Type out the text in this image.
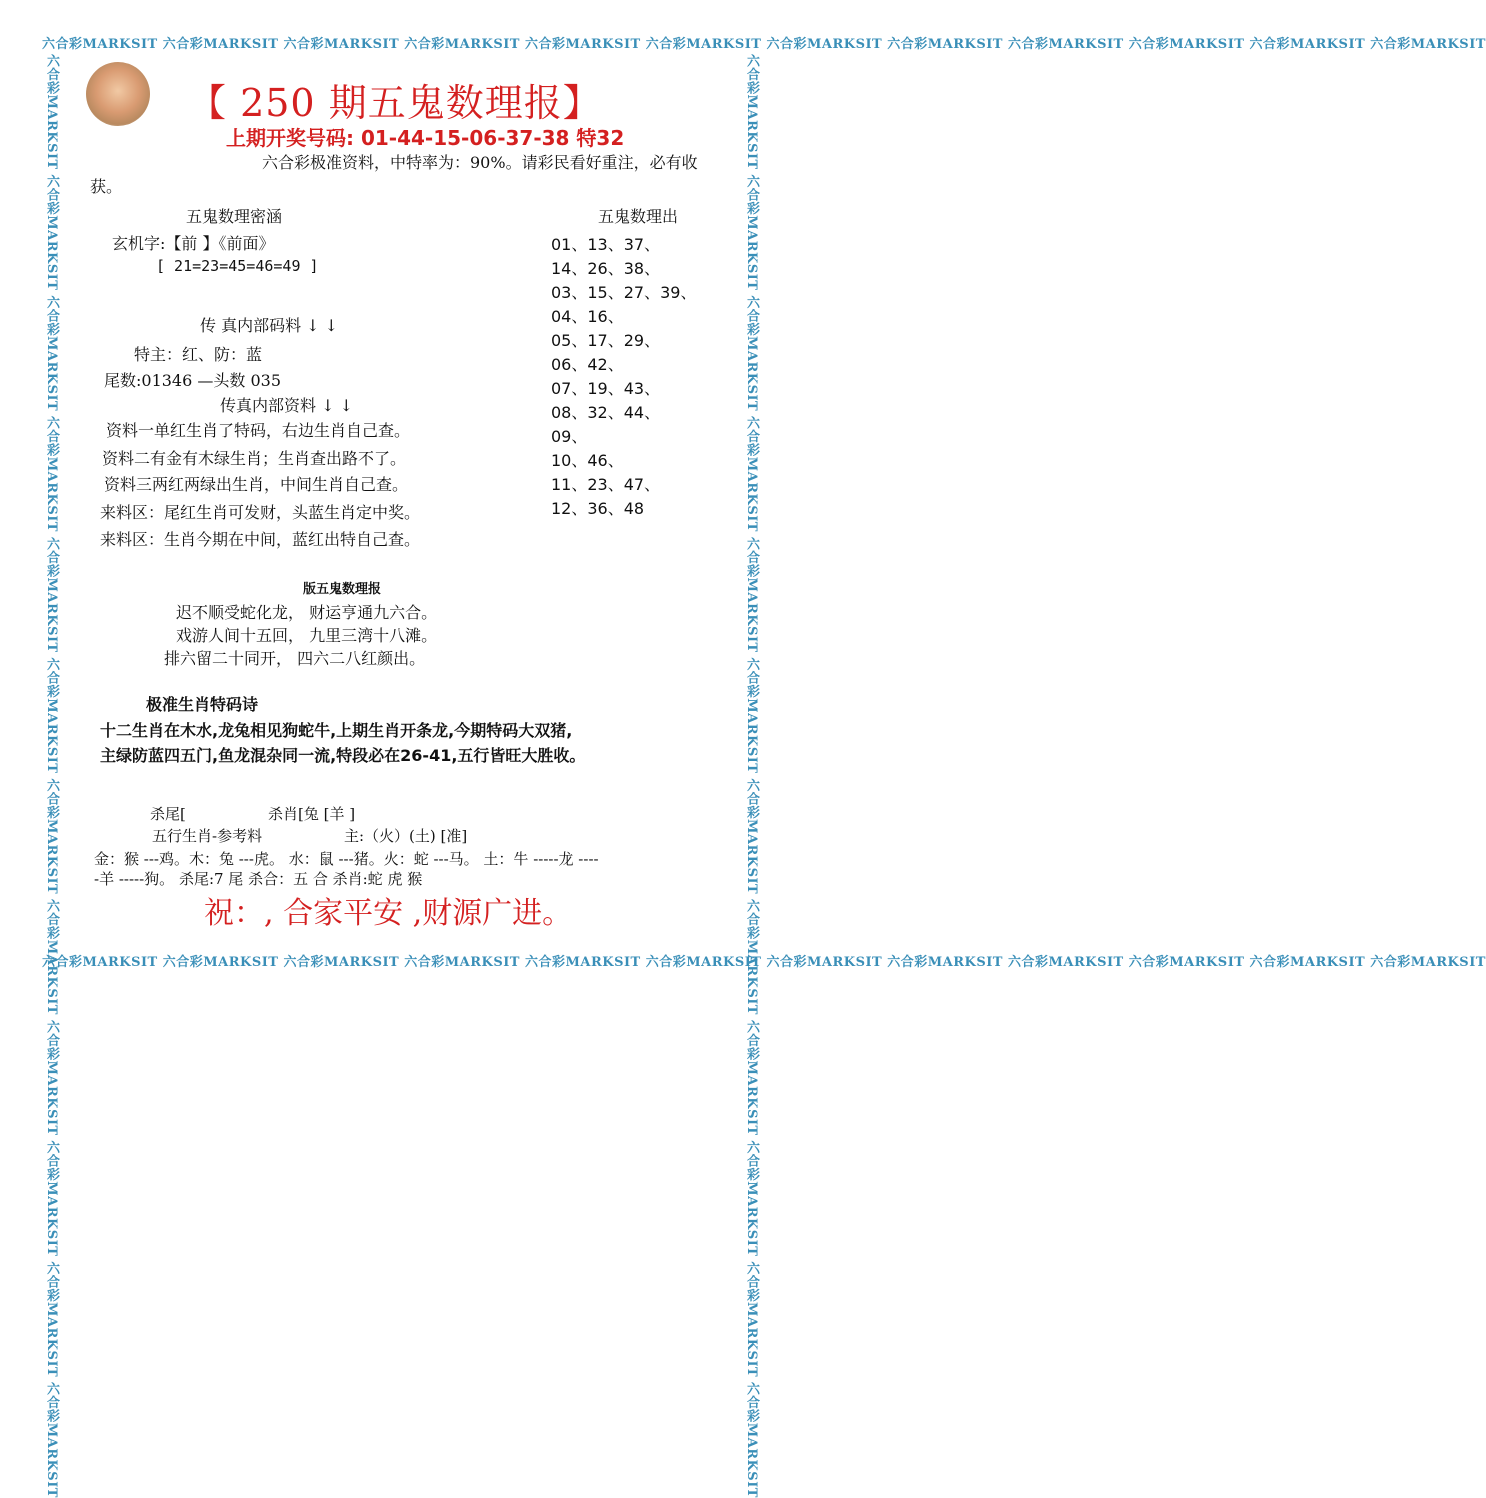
六合彩MARKSIT 六合彩MARKSIT 六合彩MARKSIT 六合彩MARKSIT 六合彩MARKSIT 六合彩MARKSIT 六合彩MARKSIT 六合彩MARKSIT 六合彩MARKSIT 六合彩MARKSIT 六合彩MARKSIT 六合彩MARKSIT
六合彩MARKSIT 六合彩MARKSIT 六合彩MARKSIT 六合彩MARKSIT 六合彩MARKSIT 六合彩MARKSIT 六合彩MARKSIT 六合彩MARKSIT 六合彩MARKSIT 六合彩MARKSIT 六合彩MARKSIT 六合彩MARKSIT
六合彩MARKSIT 六合彩MARKSIT 六合彩MARKSIT 六合彩MARKSIT 六合彩MARKSIT 六合彩MARKSIT 六合彩MARKSIT 六合彩MARKSIT 六合彩MARKSIT 六合彩MARKSIT 六合彩MARKSIT 六合彩MARKSIT	六合彩MARKSIT 六合彩MARKSIT 六合彩MARKSIT 六合彩MARKSIT 六合彩MARKSIT 六合彩MARKSIT 六合彩MARKSIT 六合彩MARKSIT 六合彩MARKSIT 六合彩MARKSIT 六合彩MARKSIT 六合彩MARKSIT
【 250 期五鬼数理报】
上期开奖号码: 01-44-15-06-37-38 特32
六合彩极准资料，中特率为：90%。请彩民看好重注，必有收
获。
五鬼数理密涵
玄机字:【前 】《前面》
[ 21=23=45=46=49 ]
传 真内部码料 ↓ ↓
特主：红、防：蓝
尾数:01346 —头数 035
传真内部资料 ↓ ↓
资料一单红生肖了特码，右边生肖自己查。
资料二有金有木绿生肖；生肖查出路不了。
资料三两红两绿出生肖，中间生肖自己查。
来料区：尾红生肖可发财，头蓝生肖定中奖。
来料区：生肖今期在中间，蓝红出特自己查。
五鬼数理出
01、13、37、
14、26、38、
03、15、27、39、
04、16、
05、17、29、
06、42、
07、19、43、
08、32、44、
09、
10、46、
11、23、47、
12、36、48
版五鬼数理报
迟不顺受蛇化龙， 财运亨通九六合。
戏游人间十五回， 九里三湾十八滩。
排六留二十同开， 四六二八红颜出。
极准生肖特码诗
十二生肖在木水,龙兔相见狗蛇牛,上期生肖开条龙,今期特码大双猪,
主绿防蓝四五门,鱼龙混杂同一流,特段必在26-41,五行皆旺大胜收。
杀尾[	杀肖[兔 [羊 ]
五行生肖-参考料	主:（火）(土) [准]
金：猴 ---鸡。木：兔 ---虎。 水：鼠 ---猪。火：蛇 ---马。 土：牛 -----龙 ----
-羊 -----狗。 杀尾:7 尾 杀合：五 合 杀肖:蛇 虎 猴
祝：, 合家平安 ,财源广进。
